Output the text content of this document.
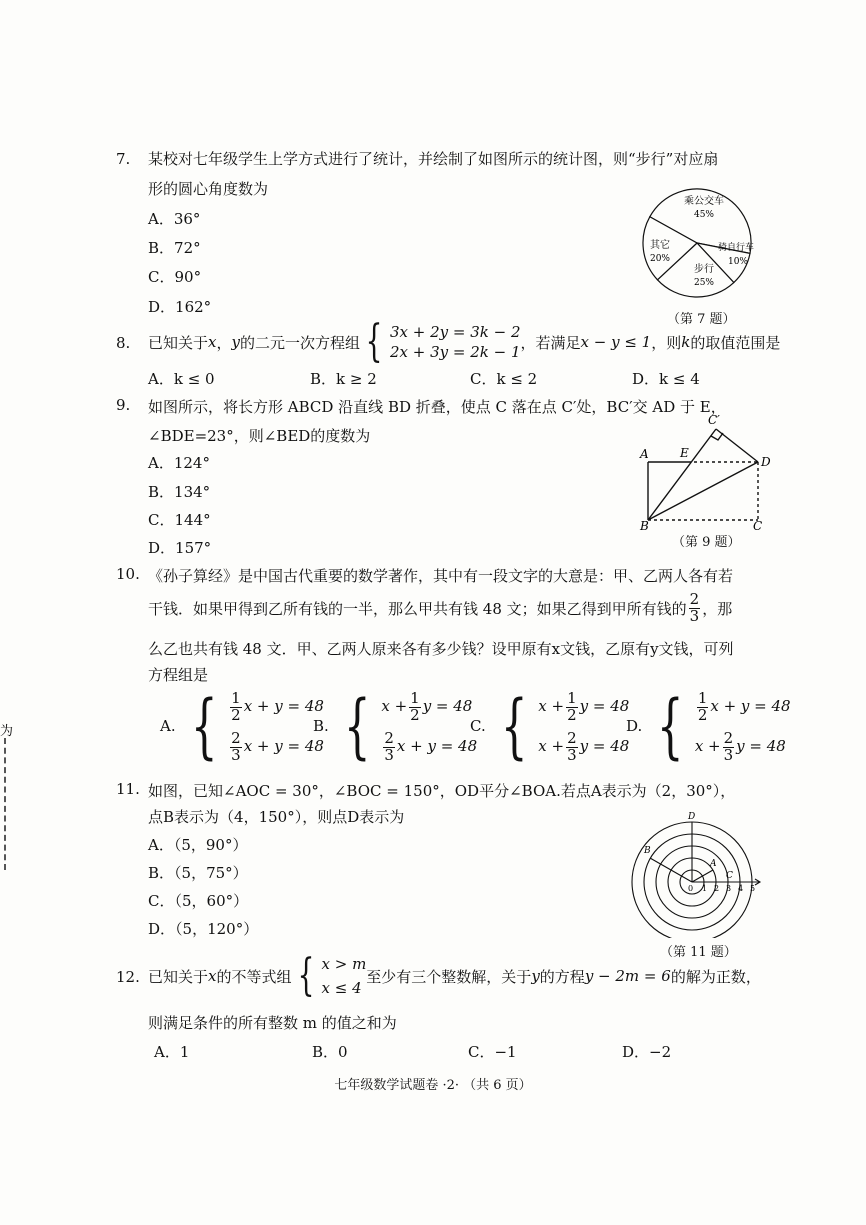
为
7. 某校对七年级学生上学方式进行了统计，并绘制了如图所示的统计图，则“步行”对应扇
形的圆心角度数为
A．36°
B．72°
C．90°
D．162°
乘公交车
45%
骑自行车
10%
步行
25%
其它
20%
（第 7 题）
8. 已知关于 x ， y 的二元一次方程组 { 3x + 2y = 3k − 2
2x + 3y = 2k − 1
，若满足 x − y ≤ 1 ，则 k 的取值范围是
A．k ≤ 0	B．k ≥ 2	C．k ≤ 2	D．k ≤ 4
9. 如图所示，将长方形 ABCD 沿直线 BD 折叠，使点 C 落在点 C′处，BC′交 AD 于 E，
∠BDE=23°，则∠BED的度数为
A．124°
B．134°
C．144°
D．157°
A	E
D
B	C
C′
（第 9 题）
10. 《孙子算经》是中国古代重要的数学著作，其中有一段文字的大意是：甲、乙两人各有若
干钱．如果甲得到乙所有钱的一半，那么甲共有钱 48 文；如果乙得到甲所有钱的 $\frac{2}{3}$ ，那
么乙也共有钱 48 文．甲、乙两人原来各有多少钱？设甲原有x文钱，乙原有y文钱，可列
方程组是
A. { $\frac{1}{2}$ x + y = 48
$\frac{2}{3}$ x + y = 48
B. { $x + \frac{1}{2}$ y = 48
$\frac{2}{3}$ x + y = 48
C. { $x + \frac{1}{2}$ y = 48
$x + \frac{2}{3}$ y = 48
D. { $\frac{1}{2}$ x + y = 48
$x + \frac{2}{3}$ y = 48
11. 如图，已知∠AOC = 30°，∠BOC = 150°，OD平分∠BOA.若点A表示为（2，30°），
点B表示为（4，150°），则点D表示为
A．（5，90°）
B．（5，75°）
C．（5，60°）
D．（5，120°）
D
B
A
C
0 1 2 3 4 5
（第 11 题）
12. 已知关于 x 的不等式组 { x > m
x ≤ 4
至少有三个整数解，关于 y 的方程 y − 2m = 6 的解为正数，
则满足条件的所有整数 m 的值之和为
A．1	B．0	C．−1	D．−2
七年级数学试题卷 ·2· （共 6 页）
